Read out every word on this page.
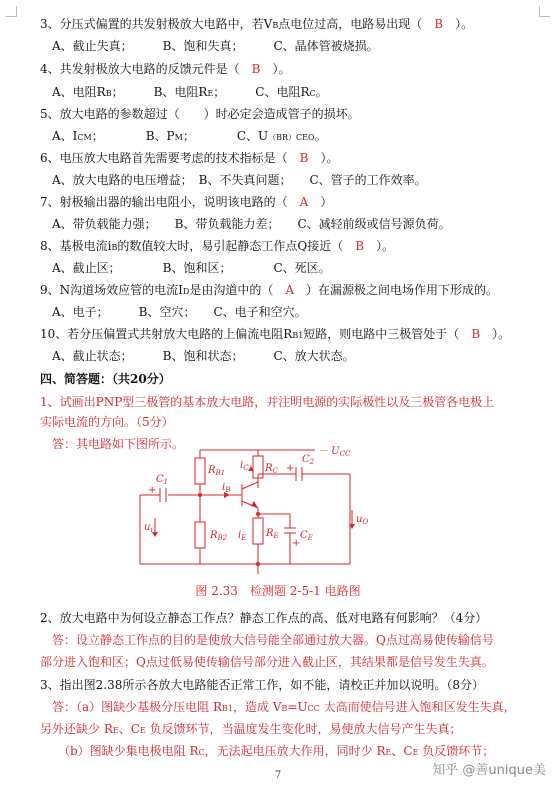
3、分压式偏置的共发射极放大电路中，若VB点电位过高，电路易出现（　 B　 ）。
A、截止失真；　　　B、饱和失真；　　　C、晶体管被烧损。
4、共发射极放大电路的反馈元件是（　 B　 ）。
A、电阻RB；　　　B、电阻RE；　　　C、电阻RC。
5、放大电路的参数超过（　　）时必定会造成管子的损坏。
A、ICM；　　　　B、PM；　　　　C、U（BR）CEO。
6、电压放大电路首先需要考虑的技术指标是（　 B　 ）。
A、放大电路的电压增益；　B、不失真问题；　　C、管子的工作效率。
7、射极输出器的输出电阻小，说明该电路的（　 A　 ）
A、带负载能力强；　　B、带负载能力差；　　C、减轻前级或信号源负荷。
8、基极电流iB的数值较大时，易引起静态工作点Q接近（　 B　 ）。
A、截止区；　　　　B、饱和区；　　　　C、死区。
9、N沟道场效应管的电流ID是由沟道中的（　 A　 ）在漏源极之间电场作用下形成的。
A、电子；　　　B、空穴；　　C、电子和空穴。
10、若分压偏置式共射放大电路的上偏流电阻RB1短路，则电路中三极管处于（　 B　 ）。
A、截止状态；　　　B、饱和状态；　　　C、放大状态。
四、简答题：（共20分）
1、试画出PNP型三极管的基本放大电路，并注明电源的实际极性以及三极管各电极上
实际电流的方向。（5分）
答：其电路如下图所示。
－ $U_{CC}$
$R_{B1}$	$R_C$
$i_C$
$C_2$
$C_1$	$i_B$
+
+
$u_i$
$u_O$
$R_{B2}$ $i_E$ $R_E$ $C_E$
+
图 2.33　检测题 2-5-1 电路图
2、放大电路中为何设立静态工作点？静态工作点的高、低对电路有何影响？（4分）
答：设立静态工作点的目的是使放大信号能全部通过放大器。Q点过高易使传输信号
部分进入饱和区；Q点过低易使传输信号部分进入截止区，其结果都是信号发生失真。
3、指出图2.38所示各放大电路能否正常工作，如不能，请校正并加以说明。（8分）
答：（a）图缺少基极分压电阻 RB1，造成 VB=UCC 太高而使信号进入饱和区发生失真，
另外还缺少 RE、CE 负反馈环节，当温度发生变化时，易使放大信号产生失真；
（b）图缺少集电极电阻 RC，无法起电压放大作用，同时少 RE、CE 负反馈环节；
7	知乎 @善unique美
